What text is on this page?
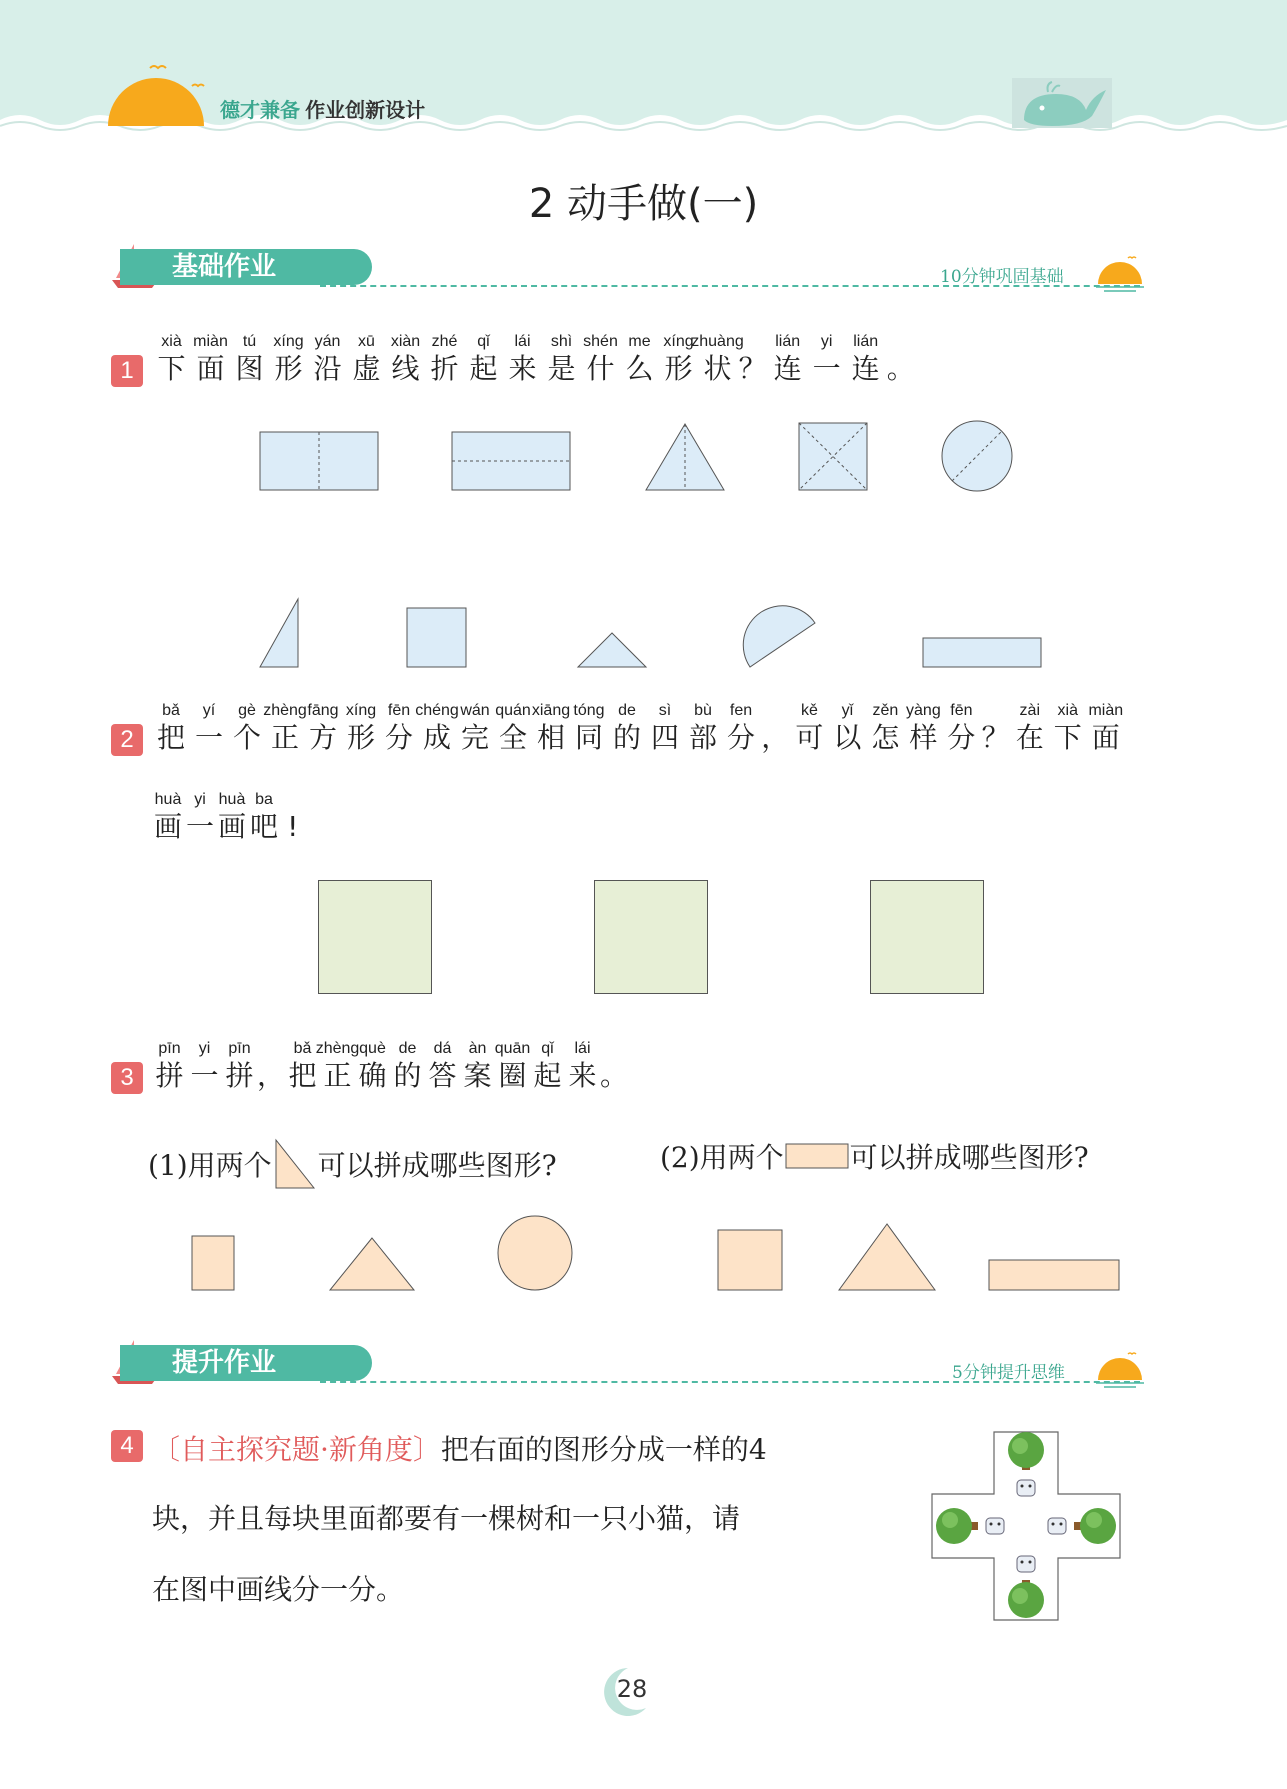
德才兼备 作业创新设计
2 动手做(一)
基础作业	10分钟巩固基础
1
xià
下
miàn
面
tú
图
xíng
形
yán
沿
xū
虚
xiàn
线
zhé
折
qǐ
起
lái
来
shì
是
shén
什
me
么
xíng
形
zhuàng
状 ？
lián
连
yi
一
lián
连 。
2
bǎ
把
yí
一
gè
个
zhèng
正
fāng
方
xíng
形
fēn
分
chéng
成
wán
完
quán
全
xiāng
相
tóng
同
de
的
sì
四
bù
部
fen
分 ，
kě
可
yǐ
以
zěn
怎
yàng
样
fēn
分 ？
zài
在
xià
下
miàn
面
huà
画
yi
一
huà
画
ba
吧 !
3
pīn
拼
yi
一
pīn
拼 ，
bǎ
把
zhèng
正
què
确
de
的
dá
答
àn
案
quān
圈
qǐ
起
lái
来 。
(1)用两个 可以拼成哪些图形?	(2)用两个 可以拼成哪些图形?
提升作业	5分钟提升思维
4 〔自主探究题·新角度〕把右面的图形分成一样的4
块，并且每块里面都要有一棵树和一只小猫，请
在图中画线分一分。
28
